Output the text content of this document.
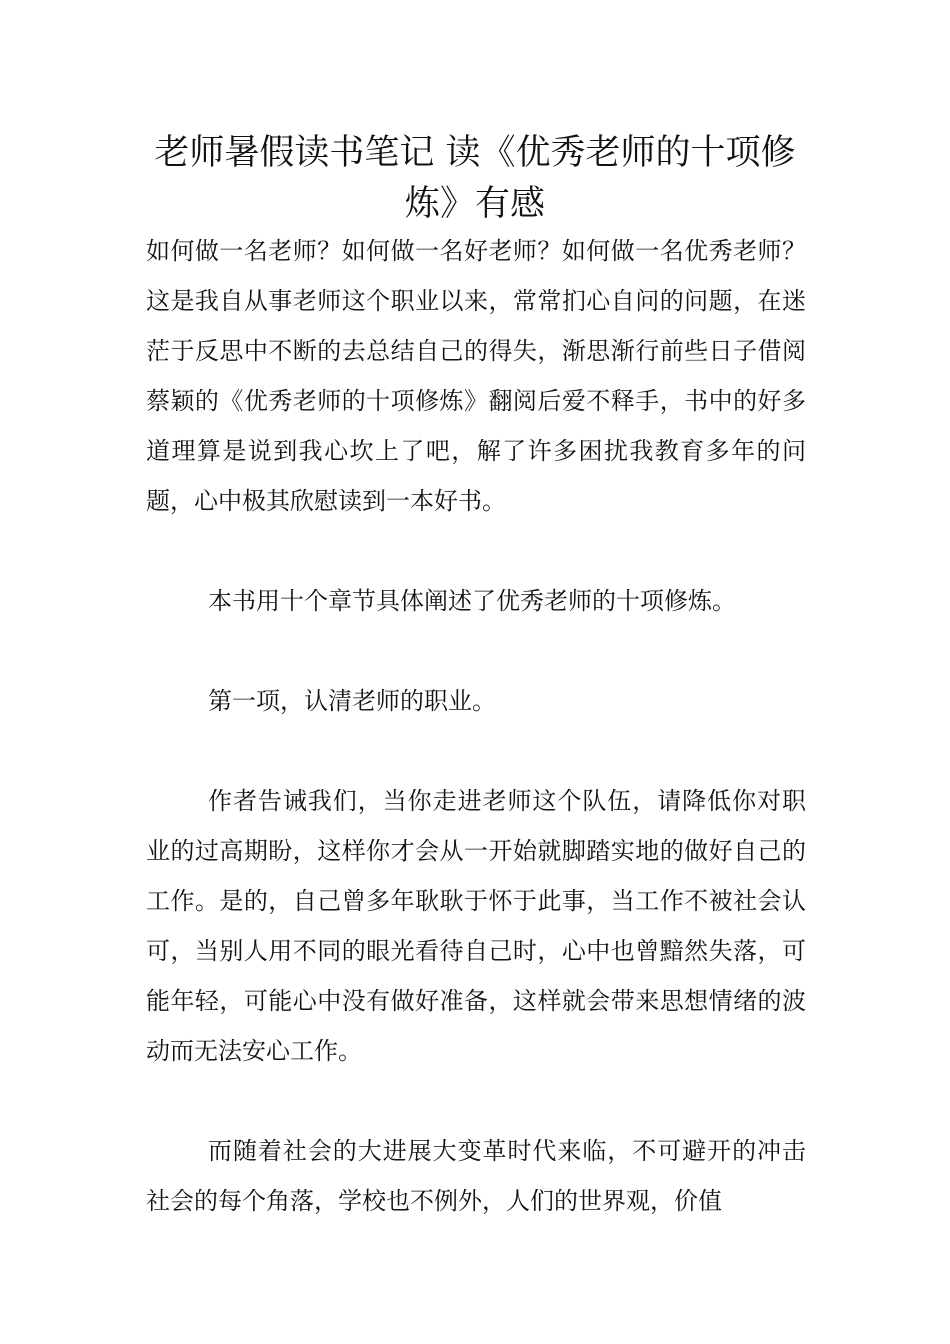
老师暑假读书笔记 读《优秀老师的十项修炼》有感

如何做一名老师？如何做一名好老师？如何做一名优秀老师？这是我自从事老师这个职业以来，常常扪心自问的问题，在迷茫于反思中不断的去总结自己的得失，渐思渐行前些日子借阅蔡颖的《优秀老师的十项修炼》翻阅后爱不释手，书中的好多道理算是说到我心坎上了吧，解了许多困扰我教育多年的问题，心中极其欣慰读到一本好书。

本书用十个章节具体阐述了优秀老师的十项修炼。

第一项，认清老师的职业。

作者告诫我们，当你走进老师这个队伍，请降低你对职业的过高期盼，这样你才会从一开始就脚踏实地的做好自己的工作。是的，自己曾多年耿耿于怀于此事，当工作不被社会认可，当别人用不同的眼光看待自己时，心中也曾黯然失落，可能年轻，可能心中没有做好准备，这样就会带来思想情绪的波动而无法安心工作。

而随着社会的大进展大变革时代来临，不可避开的冲击社会的每个角落，学校也不例外，人们的世界观，价值
